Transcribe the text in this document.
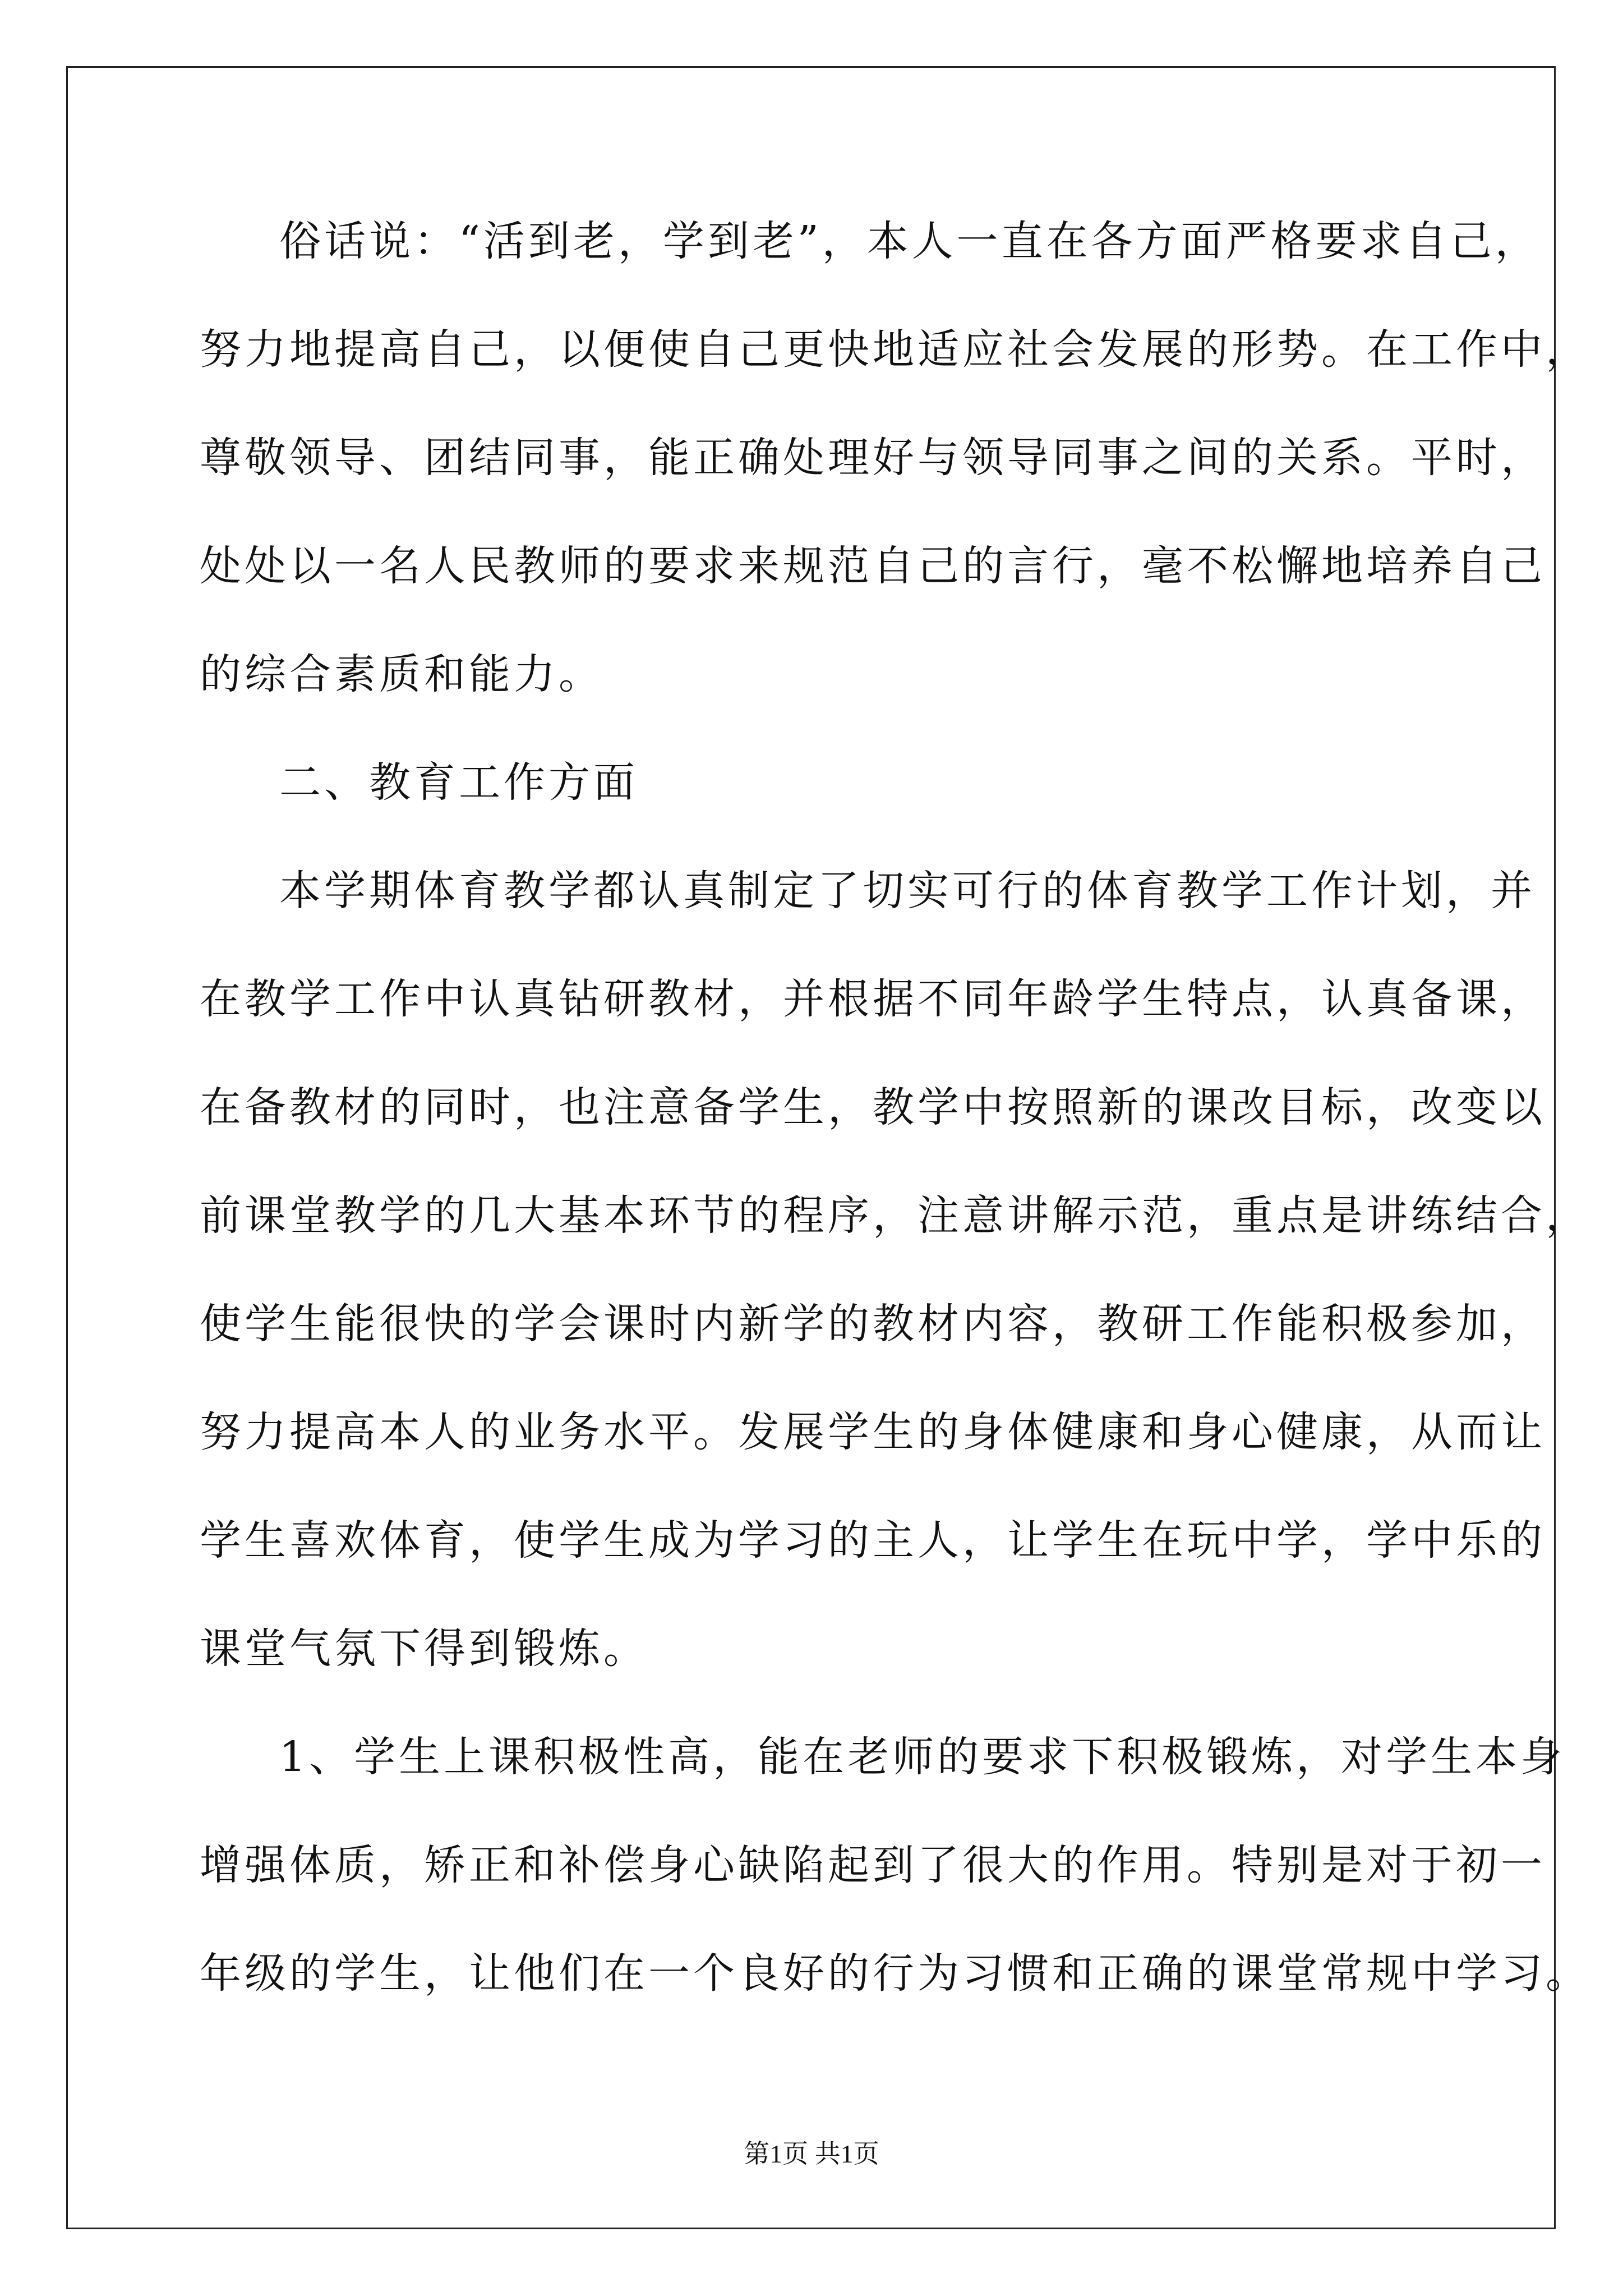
俗话说：“活到老，学到老”，本人一直在各方面严格要求自己，
努力地提高自己，以便使自己更快地适应社会发展的形势。在工作中，
尊敬领导、团结同事，能正确处理好与领导同事之间的关系。平时，
处处以一名人民教师的要求来规范自己的言行，毫不松懈地培养自己
的综合素质和能力。
二、教育工作方面
本学期体育教学都认真制定了切实可行的体育教学工作计划，并
在教学工作中认真钻研教材，并根据不同年龄学生特点，认真备课，
在备教材的同时，也注意备学生，教学中按照新的课改目标，改变以
前课堂教学的几大基本环节的程序，注意讲解示范，重点是讲练结合，
使学生能很快的学会课时内新学的教材内容，教研工作能积极参加，
努力提高本人的业务水平。发展学生的身体健康和身心健康，从而让
学生喜欢体育，使学生成为学习的主人，让学生在玩中学，学中乐的
课堂气氛下得到锻炼。
1、学生上课积极性高，能在老师的要求下积极锻炼，对学生本身
增强体质，矫正和补偿身心缺陷起到了很大的作用。特别是对于初一
年级的学生，让他们在一个良好的行为习惯和正确的课堂常规中学习。
第1页 共1页
